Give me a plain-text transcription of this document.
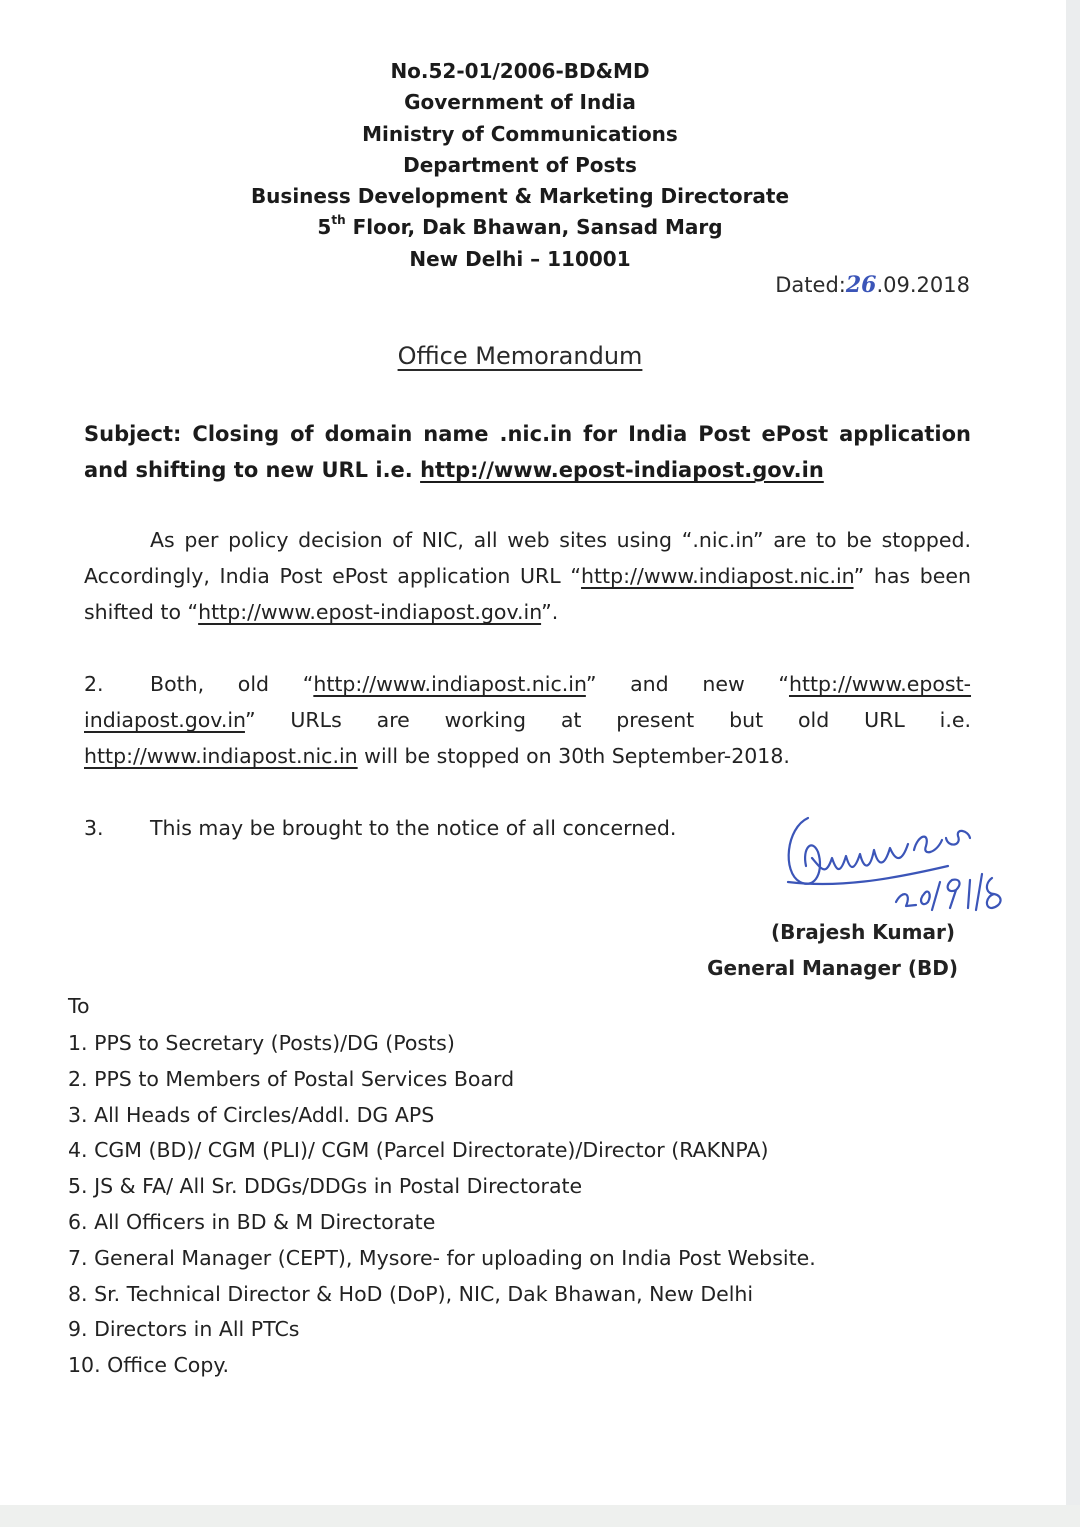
No.52-01/2006-BD&MD
Government of India
Ministry of Communications
Department of Posts
Business Development & Marketing Directorate
5th Floor, Dak Bhawan, Sansad Marg
New Delhi – 110001
Dated:26.09.2018
Office Memorandum
Subject: Closing of domain name .nic.in for India Post ePost application and shifting to new URL i.e. http://www.epost-indiapost.gov.in
As per policy decision of NIC, all web sites using “.nic.in” are to be stopped. Accordingly, India Post ePost application URL “http://www.indiapost.nic.in” has been shifted to “http://www.epost-indiapost.gov.in”.
2. Both, old “http://www.indiapost.nic.in” and new “http://www.epost-indiapost.gov.in” URLs are working at present but old URL i.e. http://www.indiapost.nic.in will be stopped on 30th September-2018.
3. This may be brought to the notice of all concerned.
26/9/18
(Brajesh Kumar)
General Manager (BD)
To
1. PPS to Secretary (Posts)/DG (Posts)
2. PPS to Members of Postal Services Board
3. All Heads of Circles/Addl. DG APS
4. CGM (BD)/ CGM (PLI)/ CGM (Parcel Directorate)/Director (RAKNPA)
5. JS & FA/ All Sr. DDGs/DDGs in Postal Directorate
6. All Officers in BD & M Directorate
7. General Manager (CEPT), Mysore- for uploading on India Post Website.
8. Sr. Technical Director & HoD (DoP), NIC, Dak Bhawan, New Delhi
9. Directors in All PTCs
10. Office Copy.
